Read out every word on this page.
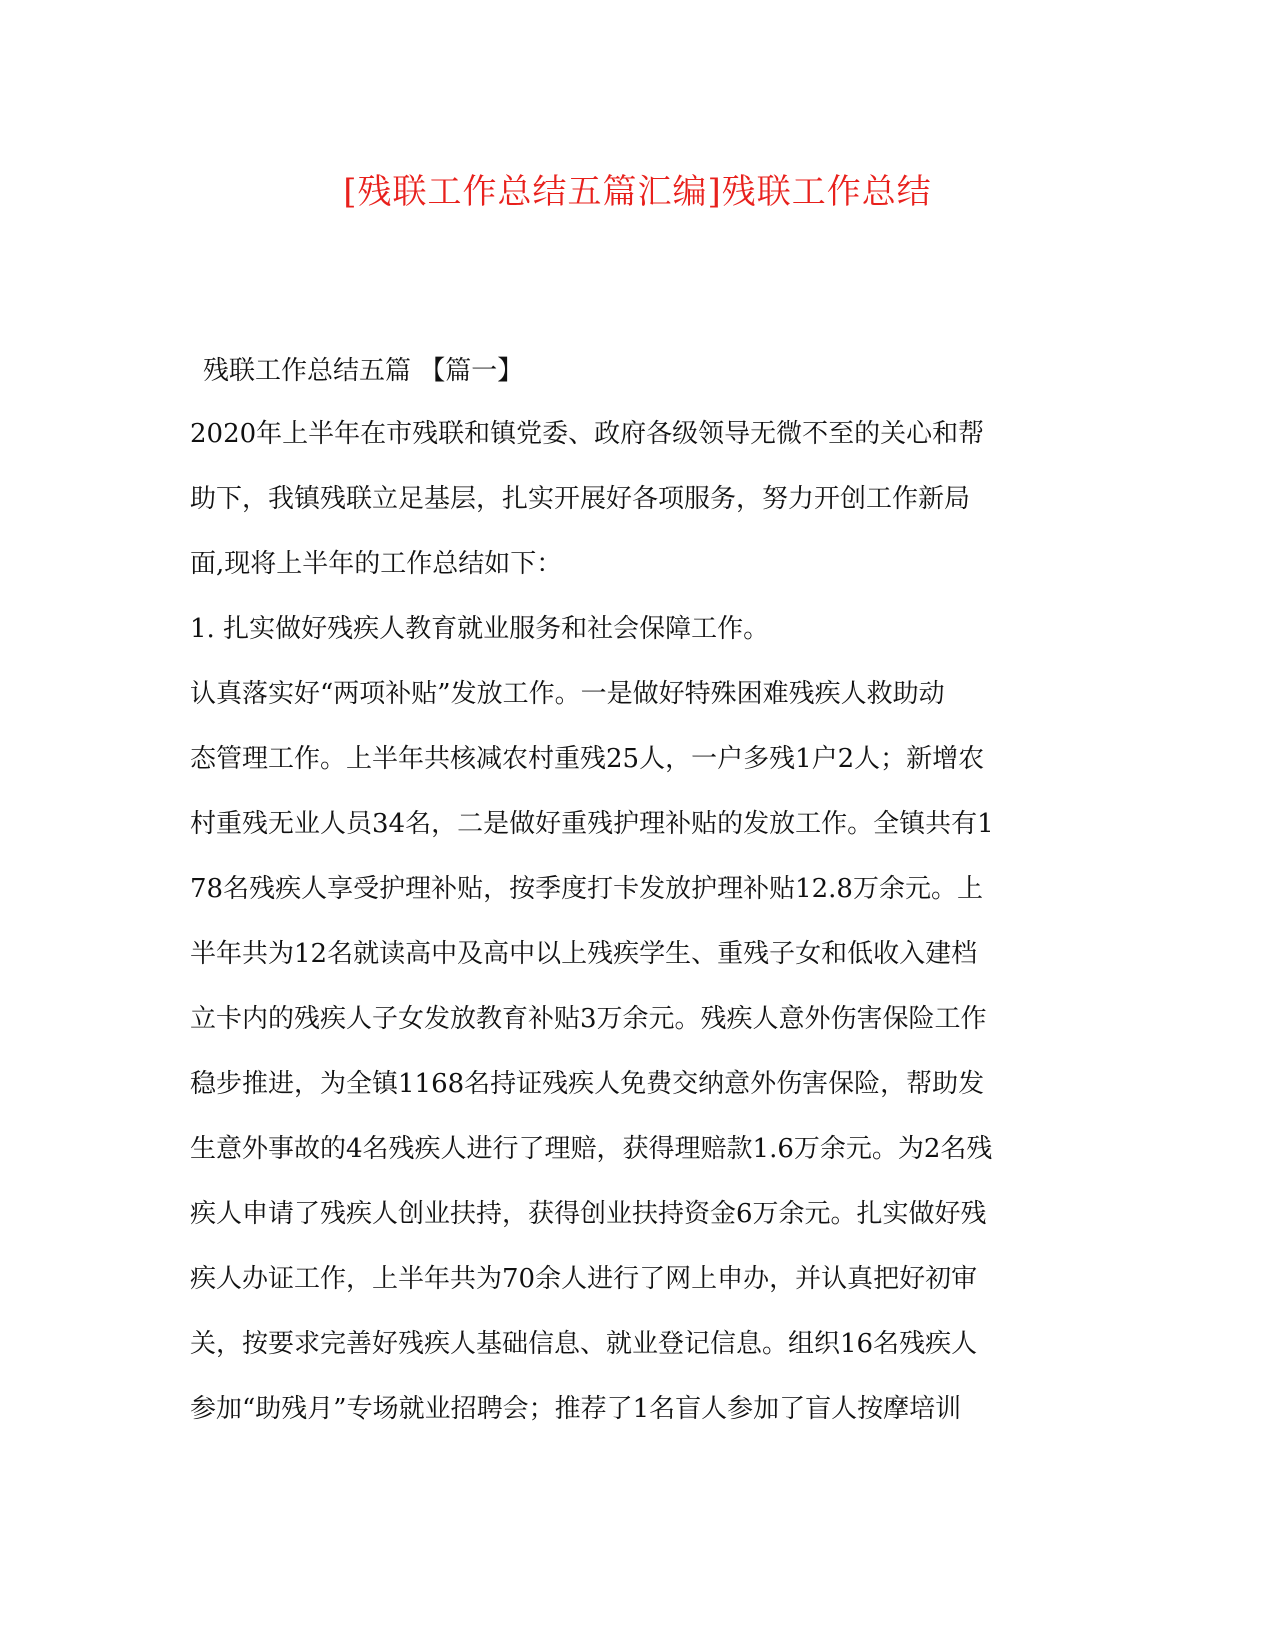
[残联工作总结五篇汇编]残联工作总结

残联工作总结五篇 【篇一】

2020年上半年在市残联和镇党委、政府各级领导无微不至的关心和帮
助下，我镇残联立足基层，扎实开展好各项服务，努力开创工作新局
面,现将上半年的工作总结如下：
1. 扎实做好残疾人教育就业服务和社会保障工作。
认真落实好“两项补贴”发放工作。一是做好特殊困难残疾人救助动
态管理工作。上半年共核减农村重残25人，一户多残1户2人；新增农
村重残无业人员34名，二是做好重残护理补贴的发放工作。全镇共有1
78名残疾人享受护理补贴，按季度打卡发放护理补贴12.8万余元。上
半年共为12名就读高中及高中以上残疾学生、重残子女和低收入建档
立卡内的残疾人子女发放教育补贴3万余元。残疾人意外伤害保险工作
稳步推进，为全镇1168名持证残疾人免费交纳意外伤害保险，帮助发
生意外事故的4名残疾人进行了理赔，获得理赔款1.6万余元。为2名残
疾人申请了残疾人创业扶持，获得创业扶持资金6万余元。扎实做好残
疾人办证工作，上半年共为70余人进行了网上申办，并认真把好初审
关，按要求完善好残疾人基础信息、就业登记信息。组织16名残疾人
参加“助残月”专场就业招聘会；推荐了1名盲人参加了盲人按摩培训
